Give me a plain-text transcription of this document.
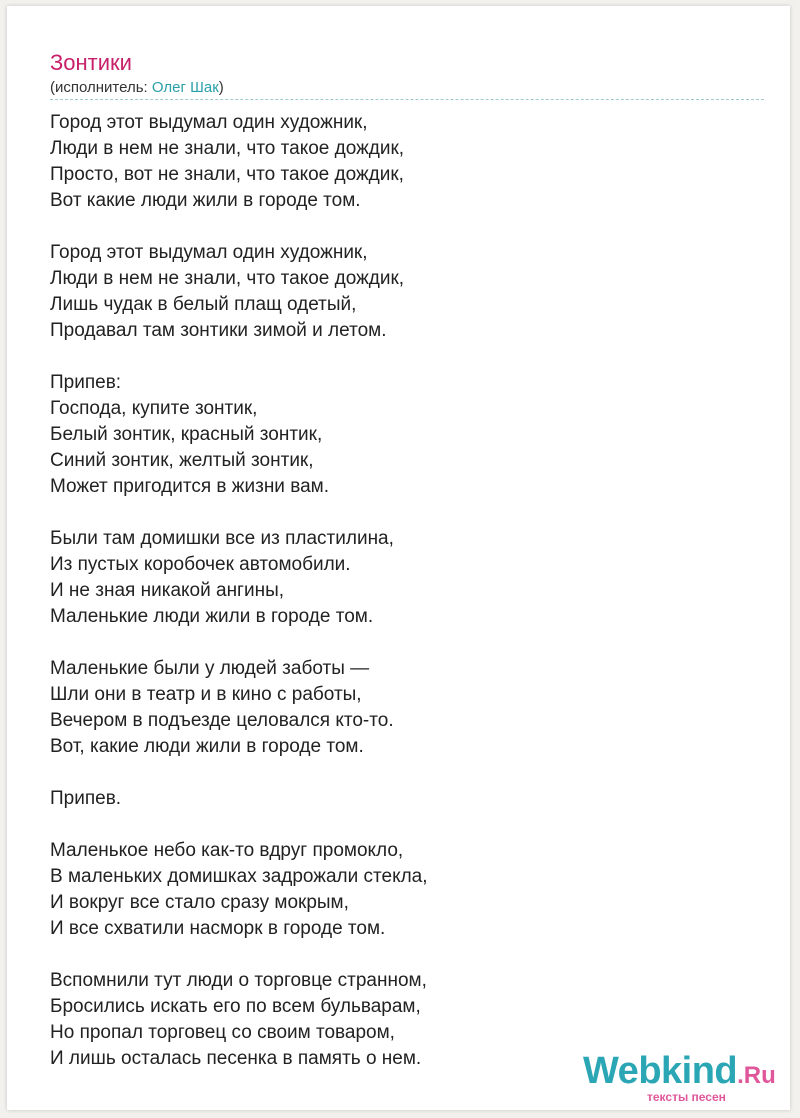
Зонтики
(исполнитель: Олег Шак)
Город этот выдумал один художник,
Люди в нем не знали, что такое дождик,
Просто, вот не знали, что такое дождик,
Вот какие люди жили в городе том.
Город этот выдумал один художник,
Люди в нем не знали, что такое дождик,
Лишь чудак в белый плащ одетый,
Продавал там зонтики зимой и летом.
Припев:
Господа, купите зонтик,
Белый зонтик, красный зонтик,
Синий зонтик, желтый зонтик,
Может пригодится в жизни вам.
Были там домишки все из пластилина,
Из пустых коробочек автомобили.
И не зная никакой ангины,
Маленькие люди жили в городе том.
Маленькие были у людей заботы —
Шли они в театр и в кино с работы,
Вечером в подъезде целовался кто-то.
Вот, какие люди жили в городе том.
Припев.
Маленькое небо как-то вдруг промокло,
В маленьких домишках задрожали стекла,
И вокруг все стало сразу мокрым,
И все схватили насморк в городе том.
Вспомнили тут люди о торговце странном,
Бросились искать его по всем бульварам,
Но пропал торговец со своим товаром,
И лишь осталась песенка в память о нем.	Webkind.Ru
тексты песен
